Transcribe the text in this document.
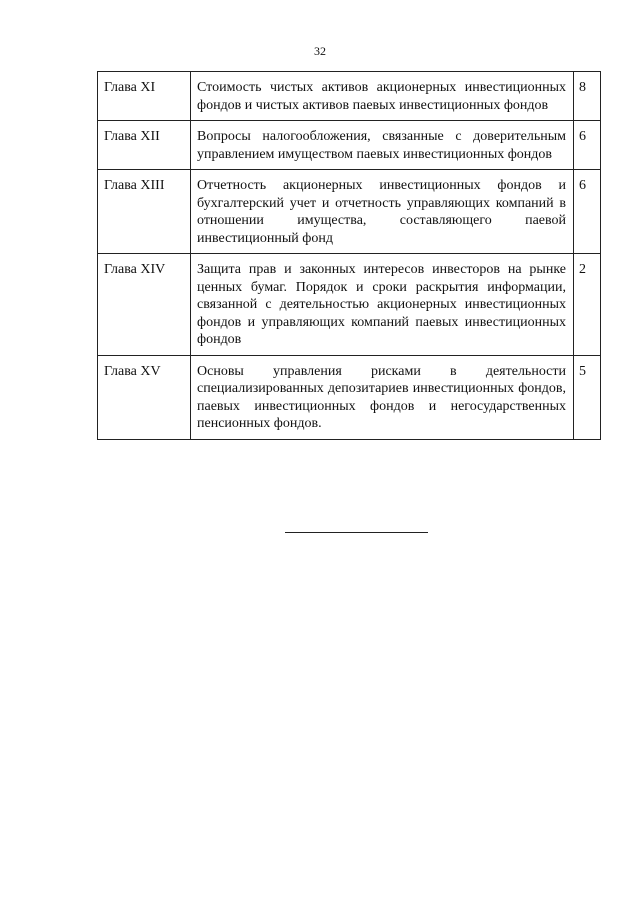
32
Глава XI	Стоимость чистых активов акционерных инвестиционных фондов и чистых активов паевых инвестиционных фондов	8
Глава XII	Вопросы налогообложения, связанные с доверительным управлением имуществом паевых инвестиционных фондов	6
Глава XIII	Отчетность акционерных инвестиционных фондов и бухгалтерский учет и отчетность управляющих компаний в отношении имущества, составляющего паевой инвестиционный фонд	6
Глава XIV	Защита прав и законных интересов инвесторов на рынке ценных бумаг. Порядок и сроки раскрытия информации, связанной с деятельностью акционерных инвестиционных фондов и управляющих компаний паевых инвестиционных фондов	2
Глава XV	Основы управления рисками в деятельности специализированных депозитариев инвестиционных фондов, паевых инвестиционных фондов и негосударственных пенсионных фондов.	5
